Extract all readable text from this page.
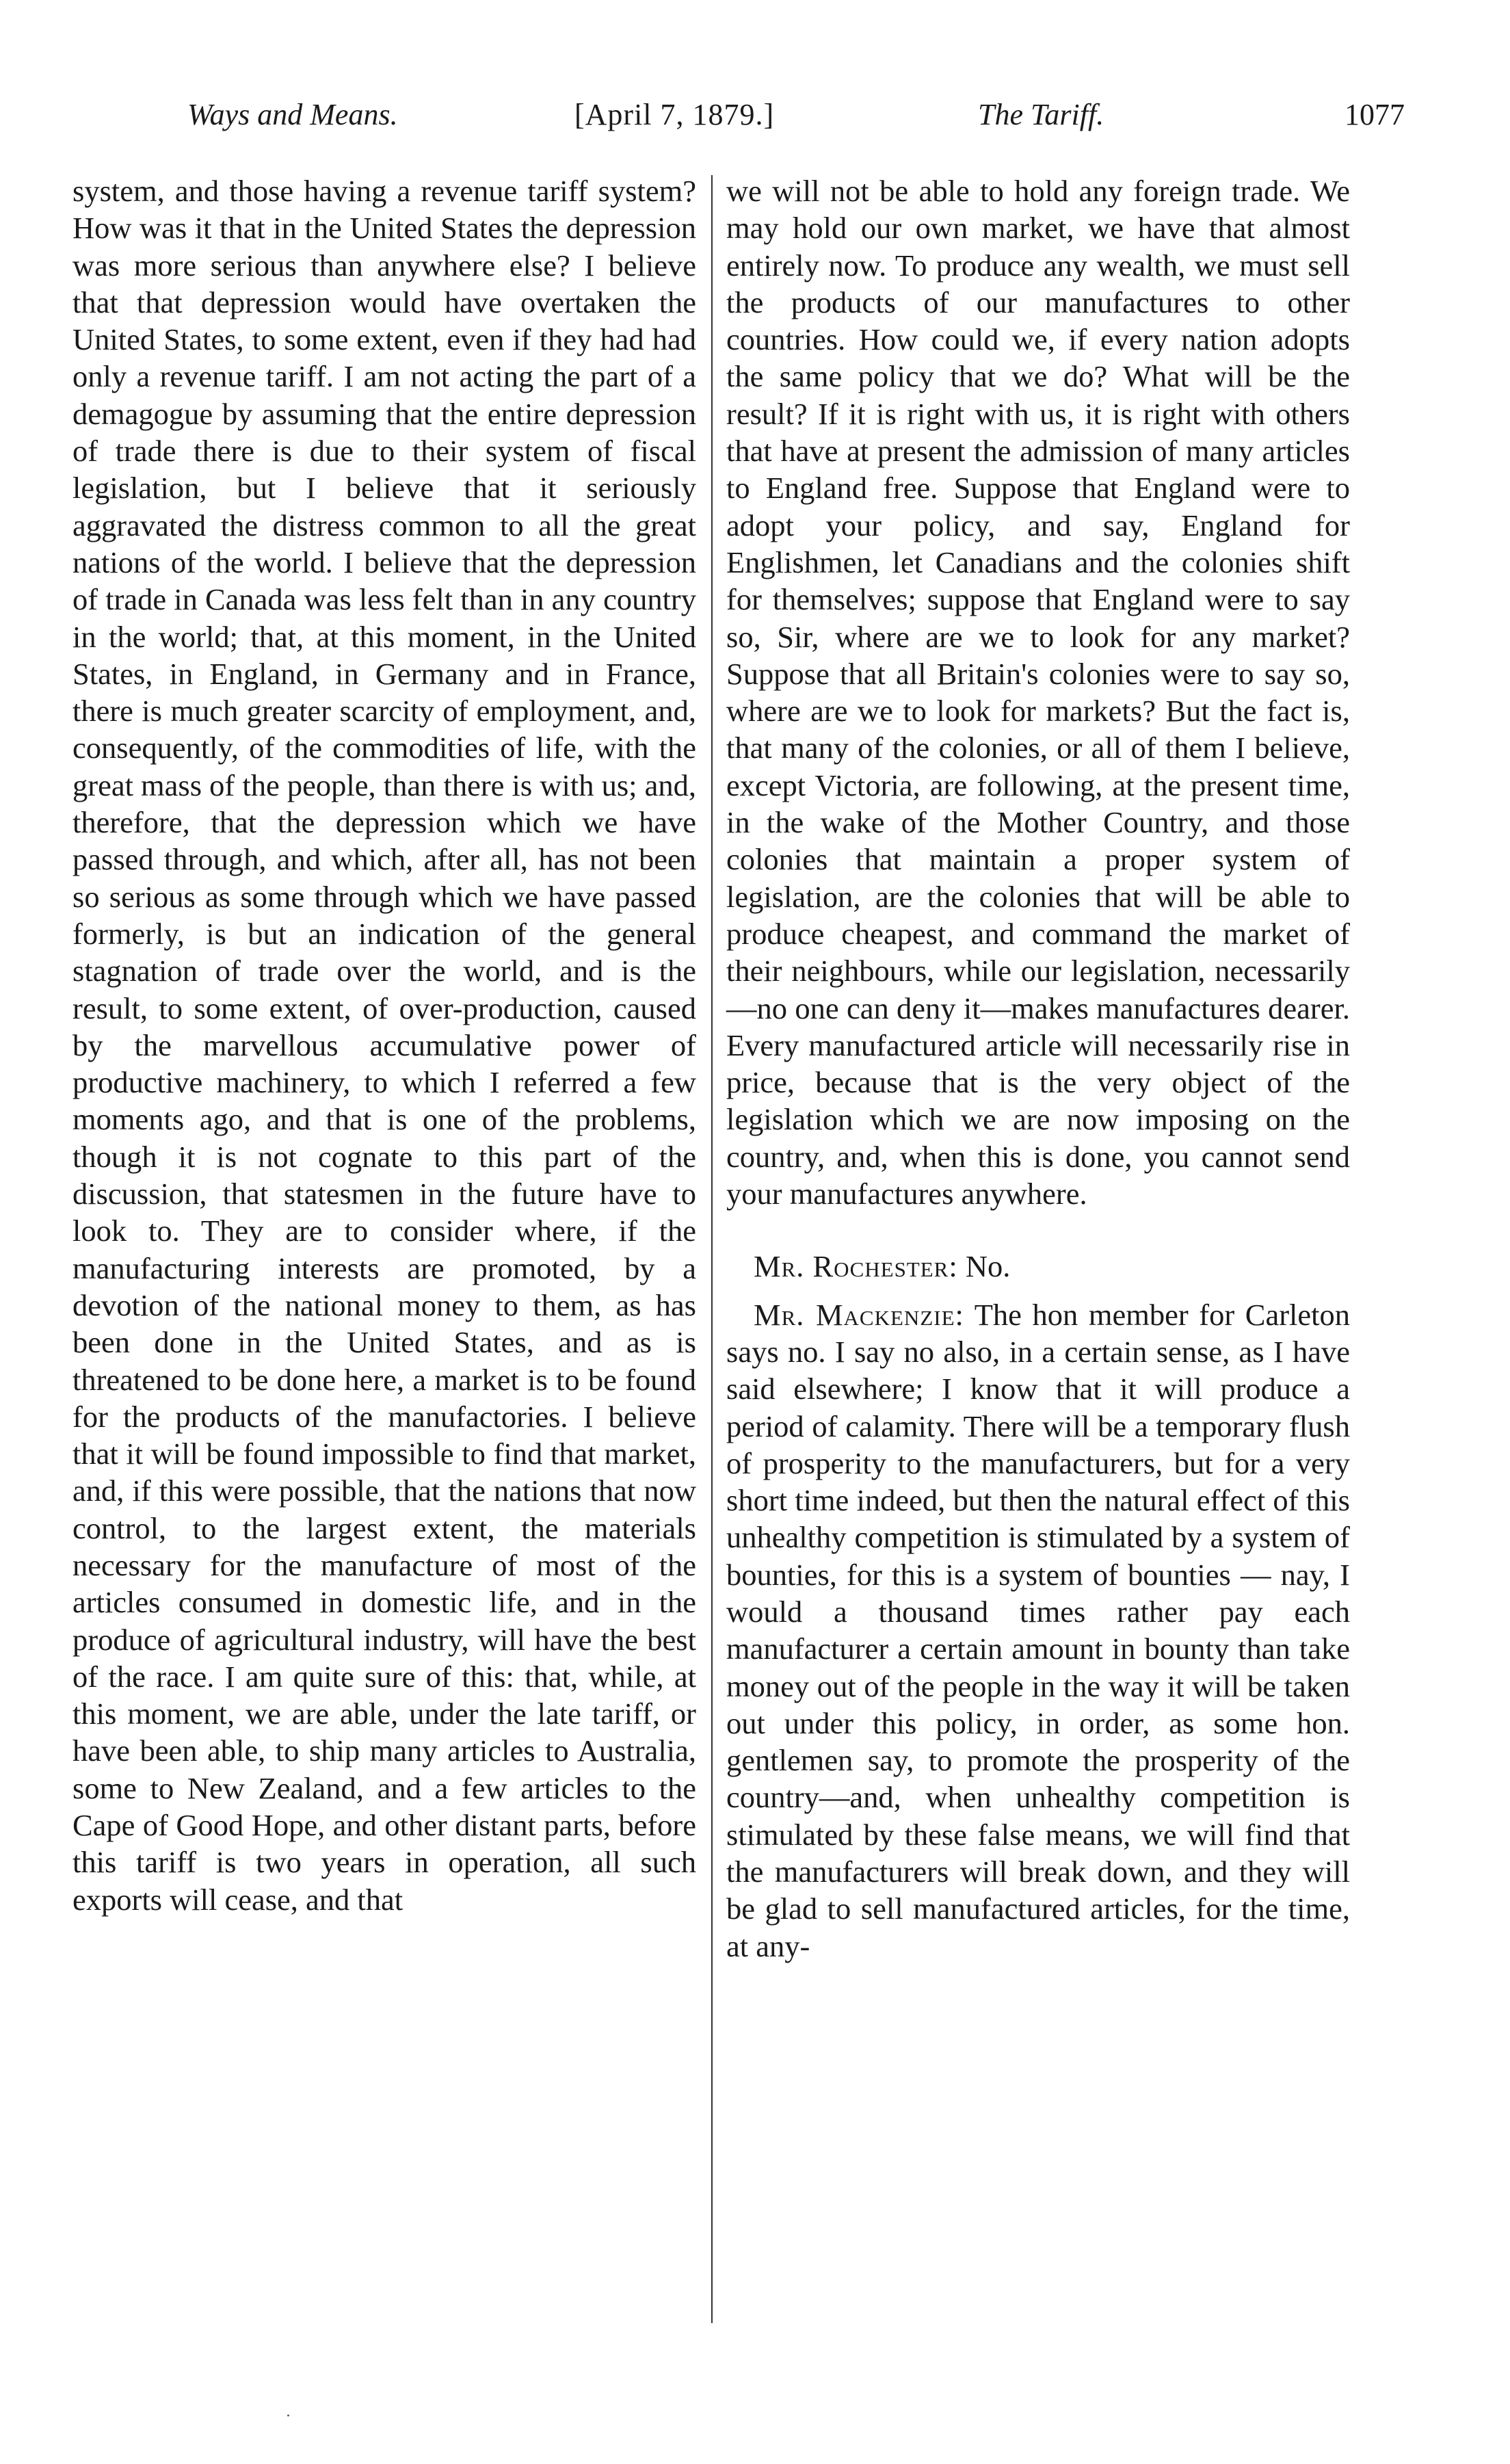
Ways and Means.	[April 7, 1879.]	The Tariff.	1077

system, and those having a revenue tariff system? How was it that in the United States the depression was more serious than anywhere else? I believe that that depression would have overtaken the United States, to some extent, even if they had had only a revenue tariff. I am not acting the part of a demagogue by assuming that the entire depression of trade there is due to their system of fiscal legislation, but I believe that it seriously aggravated the distress common to all the great nations of the world. I believe that the depression of trade in Canada was less felt than in any country in the world; that, at this moment, in the United States, in England, in Germany and in France, there is much greater scarcity of employment, and, consequently, of the commodities of life, with the great mass of the people, than there is with us; and, therefore, that the depression which we have passed through, and which, after all, has not been so serious as some through which we have passed formerly, is but an indication of the general stagnation of trade over the world, and is the result, to some extent, of over-production, caused by the marvellous accumulative power of productive machinery, to which I referred a few moments ago, and that is one of the problems, though it is not cognate to this part of the discussion, that statesmen in the future have to look to. They are to consider where, if the manufacturing interests are promoted, by a devotion of the national money to them, as has been done in the United States, and as is threatened to be done here, a market is to be found for the products of the manufactories. I believe that it will be found impossible to find that market, and, if this were possible, that the nations that now control, to the largest extent, the materials necessary for the manufacture of most of the articles consumed in domestic life, and in the produce of agricultural industry, will have the best of the race. I am quite sure of this: that, while, at this moment, we are able, under the late tariff, or have been able, to ship many articles to Australia, some to New Zealand, and a few articles to the Cape of Good Hope, and other distant parts, before this tariff is two years in operation, all such exports will cease, and that

we will not be able to hold any foreign trade. We may hold our own market, we have that almost entirely now. To produce any wealth, we must sell the products of our manufactures to other countries. How could we, if every nation adopts the same policy that we do? What will be the result? If it is right with us, it is right with others that have at present the admission of many articles to England free. Suppose that England were to adopt your policy, and say, England for Englishmen, let Canadians and the colonies shift for themselves; suppose that England were to say so, Sir, where are we to look for any market? Suppose that all Britain's colonies were to say so, where are we to look for markets? But the fact is, that many of the colonies, or all of them I believe, except Victoria, are following, at the present time, in the wake of the Mother Country, and those colonies that maintain a proper system of legislation, are the colonies that will be able to produce cheapest, and command the market of their neighbours, while our legislation, necessarily—no one can deny it—makes manufactures dearer. Every manufactured article will necessarily rise in price, because that is the very object of the legislation which we are now imposing on the country, and, when this is done, you cannot send your manufactures anywhere.

Mr. Rochester: No.

Mr. Mackenzie: The hon member for Carleton says no. I say no also, in a certain sense, as I have said elsewhere; I know that it will produce a period of calamity. There will be a temporary flush of prosperity to the manufacturers, but for a very short time indeed, but then the natural effect of this unhealthy competition is stimulated by a system of bounties, for this is a system of bounties — nay, I would a thousand times rather pay each manufacturer a certain amount in bounty than take money out of the people in the way it will be taken out under this policy, in order, as some hon. gentlemen say, to promote the prosperity of the country—and, when unhealthy competition is stimulated by these false means, we will find that the manufacturers will break down, and they will be glad to sell manufactured articles, for the time, at any-

·
